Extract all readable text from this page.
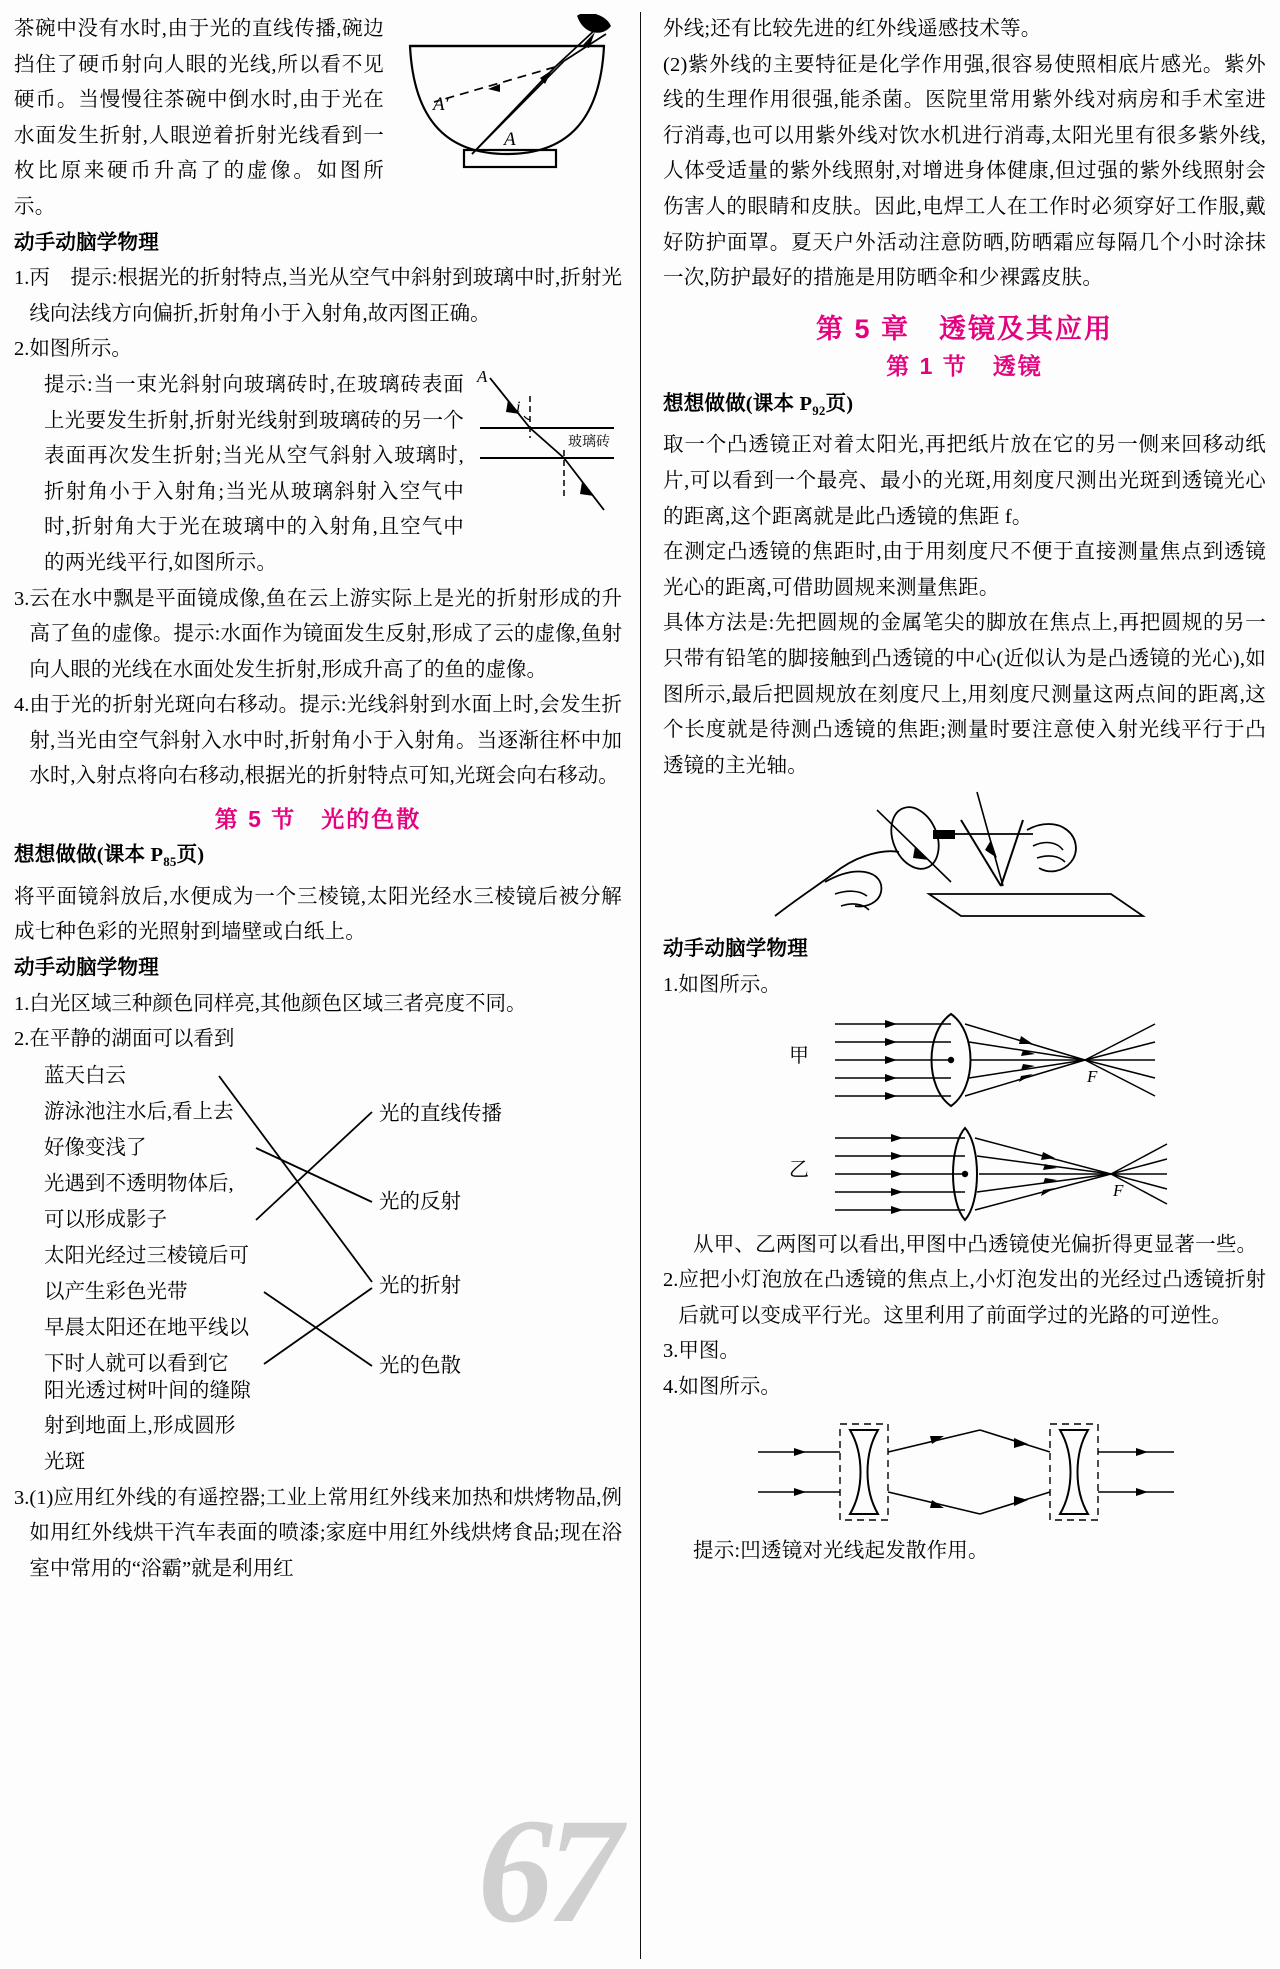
67
A′
A
茶碗中没有水时,由于光的直线传播,碗边挡住了硬币射向人眼的光线,所以看不见硬币。当慢慢往茶碗中倒水时,由于光在水面发生折射,人眼逆着折射光线看到一枚比原来硬币升高了的虚像。如图所示。
动手动脑学物理
1. 丙　提示:根据光的折射特点,当光从空气中斜射到玻璃中时,折射光线向法线方向偏折,折射角小于入射角,故丙图正确。
2. 如图所示。
i
A
玻璃砖
提示:当一束光斜射向玻璃砖时,在玻璃砖表面上光要发生折射,折射光线射到玻璃砖的另一个表面再次发生折射;当光从空气斜射入玻璃时,折射角小于入射角;当光从玻璃斜射入空气中时,折射角大于光在玻璃中的入射角,且空气中的两光线平行,如图所示。
3. 云在水中飘是平面镜成像,鱼在云上游实际上是光的折射形成的升高了鱼的虚像。提示:水面作为镜面发生反射,形成了云的虚像,鱼射向人眼的光线在水面处发生折射,形成升高了的鱼的虚像。
4. 由于光的折射光斑向右移动。提示:光线斜射到水面上时,会发生折射,当光由空气斜射入水中时,折射角小于入射角。当逐渐往杯中加水时,入射点将向右移动,根据光的折射特点可知,光斑会向右移动。
第 5 节　光的色散
想想做做(课本 $P_{85}$页)
将平面镜斜放后,水便成为一个三棱镜,太阳光经水三棱镜后被分解成七种色彩的光照射到墙壁或白纸上。
动手动脑学物理
1. 白光区域三种颜色同样亮,其他颜色区域三者亮度不同。
2. 在平静的湖面可以看到
蓝天白云
游泳池注水后,看上去
好像变浅了
光遇到不透明物体后,
可以形成影子
太阳光经过三棱镜后可
以产生彩色光带
早晨太阳还在地平线以
下时人就可以看到它
光的直线传播
光的反射
光的折射
光的色散
阳光透过树叶间的缝隙
射到地面上,形成圆形
光斑
3. (1)应用红外线的有遥控器;工业上常用红外线来加热和烘烤物品,例如用红外线烘干汽车表面的喷漆;家庭中用红外线烘烤食品;现在浴室中常用的“浴霸”就是利用红
外线;还有比较先进的红外线遥感技术等。
(2)紫外线的主要特征是化学作用强,很容易使照相底片感光。紫外线的生理作用很强,能杀菌。医院里常用紫外线对病房和手术室进行消毒,也可以用紫外线对饮水机进行消毒,太阳光里有很多紫外线,人体受适量的紫外线照射,对增进身体健康,但过强的紫外线照射会伤害人的眼睛和皮肤。因此,电焊工人在工作时必须穿好工作服,戴好防护面罩。夏天户外活动注意防晒,防晒霜应每隔几个小时涂抹一次,防护最好的措施是用防晒伞和少裸露皮肤。
第 5 章　透镜及其应用
第 1 节　透镜
想想做做(课本 $P_{92}$页)
取一个凸透镜正对着太阳光,再把纸片放在它的另一侧来回移动纸片,可以看到一个最亮、最小的光斑,用刻度尺测出光斑到透镜光心的距离,这个距离就是此凸透镜的焦距 f。
在测定凸透镜的焦距时,由于用刻度尺不便于直接测量焦点到透镜光心的距离,可借助圆规来测量焦距。
具体方法是:先把圆规的金属笔尖的脚放在焦点上,再把圆规的另一只带有铅笔的脚接触到凸透镜的中心(近似认为是凸透镜的光心),如图所示,最后把圆规放在刻度尺上,用刻度尺测量这两点间的距离,这个长度就是待测凸透镜的焦距;测量时要注意使入射光线平行于凸透镜的主光轴。
动手动脑学物理
1. 如图所示。
甲
F
乙
F
从甲、乙两图可以看出,甲图中凸透镜使光偏折得更显著一些。
2. 应把小灯泡放在凸透镜的焦点上,小灯泡发出的光经过凸透镜折射后就可以变成平行光。这里利用了前面学过的光路的可逆性。
3. 甲图。
4. 如图所示。
提示:凹透镜对光线起发散作用。
